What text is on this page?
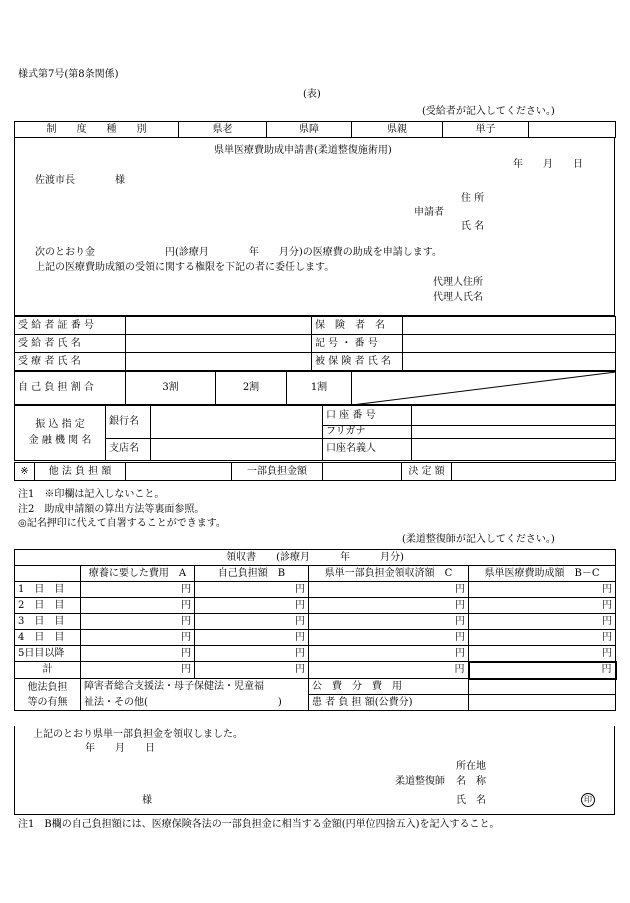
様式第7号(第8条関係)
(表)
(受給者が記入してください。)
制　　度　　種　　別	県老	県障	県親	単子	
県単医療費助成申請書(柔道整復施術用)
年　　月　　日
佐渡市長　　　　様
住 所
申請者
氏 名
次のとおり金　　　　　　　円(診療月　　　　年　　月分)の医療費の助成を申請します。
上記の医療費助成額の受領に関する権限を下記の者に委任します。
代理人住所
代理人氏名
受 給 者 証 番 号		保　険　者　名	
受 給 者 氏 名		記 号 ・ 番 号	
受 療 者 氏 名		被 保 険 者 氏 名	
自 己 負 担 割 合	3割	2割	1割	
振 込 指 定
金 融 機 関 名	銀行名		口 座 番 号	
			フリガナ	
	支店名		口座名義人	
※	他 法 負 担 額		一部負担金額		決 定 額	
注1　※印欄は記入しないこと。
注2　助成申請額の算出方法等裏面参照。
◎記名押印に代えて自署することができます。
(柔道整復師が記入してください。)
領収書　　(診療月　　　年　　　月分)				
	療養に要した費用　A	自己負担額　B	県単一部負担金領収済額　C	県単医療費助成額　B－C
1　日　目	円	円	円	円
2　日　目	円	円	円	円
3　日　目	円	円	円	円
4　日　目	円	円	円	円
5日目以降	円	円	円	円
計	円	円	円	円

他法負担
等の有無	障害者総合支援法・母子保健法・児童福		公　費　分　費　用	
	祉法・その他(　　　　　　　　　　　　　)		患 者 負 担 額(公費分)	
上記のとおり県単一部負担金を領収しました。
年　　月　　日
所在地
柔道整復師 名　称
様	氏　名	印
注1　B欄の自己負担額には、医療保険各法の一部負担金に相当する金額(円単位四捨五入)を記入すること。
